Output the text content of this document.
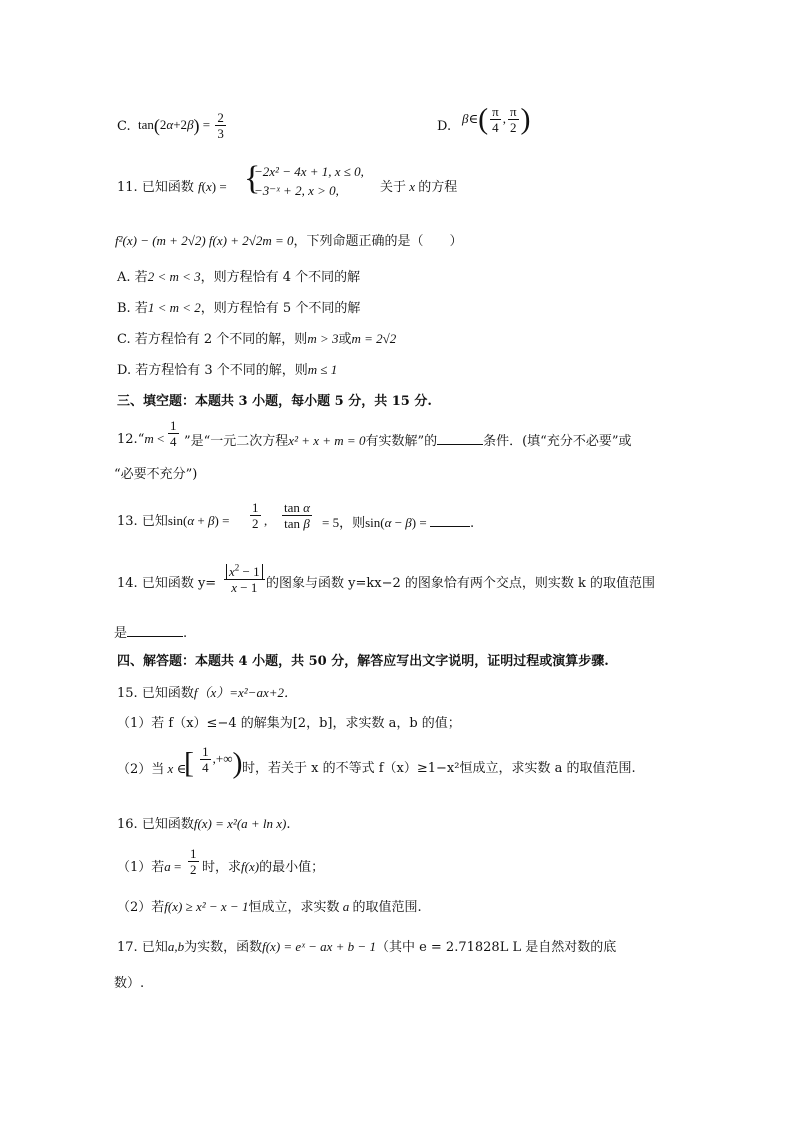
C. $\tan(2\alpha+2\beta) = \frac{2}{3}$	D.
β∈( $\frac{\pi}{4}$ , $\frac{\pi}{2}$ )
11. 已知函数 f(x) = {
−2x² − 4x + 1, x ≤ 0,
−3⁻ˣ + 2, x > 0,	关于 x 的方程
f²(x) − (m + 2√2) f(x) + 2√2m = 0，下列命题正确的是（　　）
A. 若2 < m < 3，则方程恰有 4 个不同的解
B. 若1 < m < 2，则方程恰有 5 个不同的解
C. 若方程恰有 2 个不同的解，则m > 3或m = 2√2
D. 若方程恰有 3 个不同的解，则m ≤ 1
三、填空题：本题共 3 小题，每小题 5 分，共 15 分.
12.“m < $\frac{1}{4}$ ”是“一元二次方程x² + x + m = 0有实数解”的	条件．(填“充分不必要”或
“必要不充分”)
13. 已知$\sin(\alpha + \beta) = \frac{1}{2}$ , $\frac{\text{tan α}}{\text{tan β}} = 5$，则sin(α − β) =	.
14. 已知函数 $y= \frac{x^2 - 1}{x - 1}$ 的图象与函数 y=kx−2 的图象恰有两个交点，则实数 k 的取值范围
是	.
四、解答题：本题共 4 小题，共 50 分，解答应写出文字说明，证明过程或演算步骤.
15. 已知函数f（x）=x²−ax+2．
（1）若 f（x）≤−4 的解集为[2，b]，求实数 a，b 的值；
（2）当 x ∈
[ $\frac{1}{4}$ ,+∞) 时，若关于 x 的不等式 f（x）≥1−x²恒成立，求实数 a 的取值范围.
16. 已知函数f(x) = x²(a + ln x).
（1）若$a = \frac{1}{2}$ 时，求f(x)的最小值；
（2）若f(x) ≥ x² − x − 1恒成立，求实数 a 的取值范围.
17. 已知a,b为实数，函数f(x) = eˣ − ax + b − 1（其中 e = 2.71828L L 是自然对数的底
数）.
